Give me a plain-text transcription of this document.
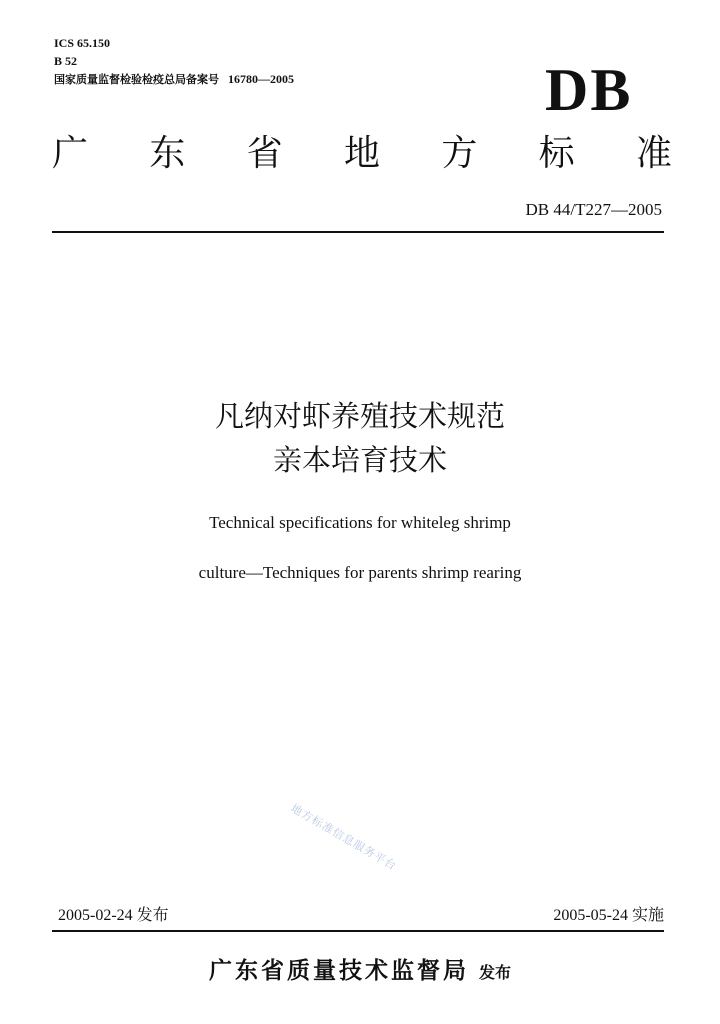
ICS 65.150
B 52
国家质量监督检验检疫总局备案号 16780—2005	DB
广 东 省 地 方 标 准
DB 44/T227—2005
凡纳对虾养殖技术规范
亲本培育技术
Technical specifications for whiteleg shrimp
culture—Techniques for parents shrimp rearing
地方标准信息服务平台
2005-02-24 发布	2005-05-24 实施
广东省质量技术监督局 发布
